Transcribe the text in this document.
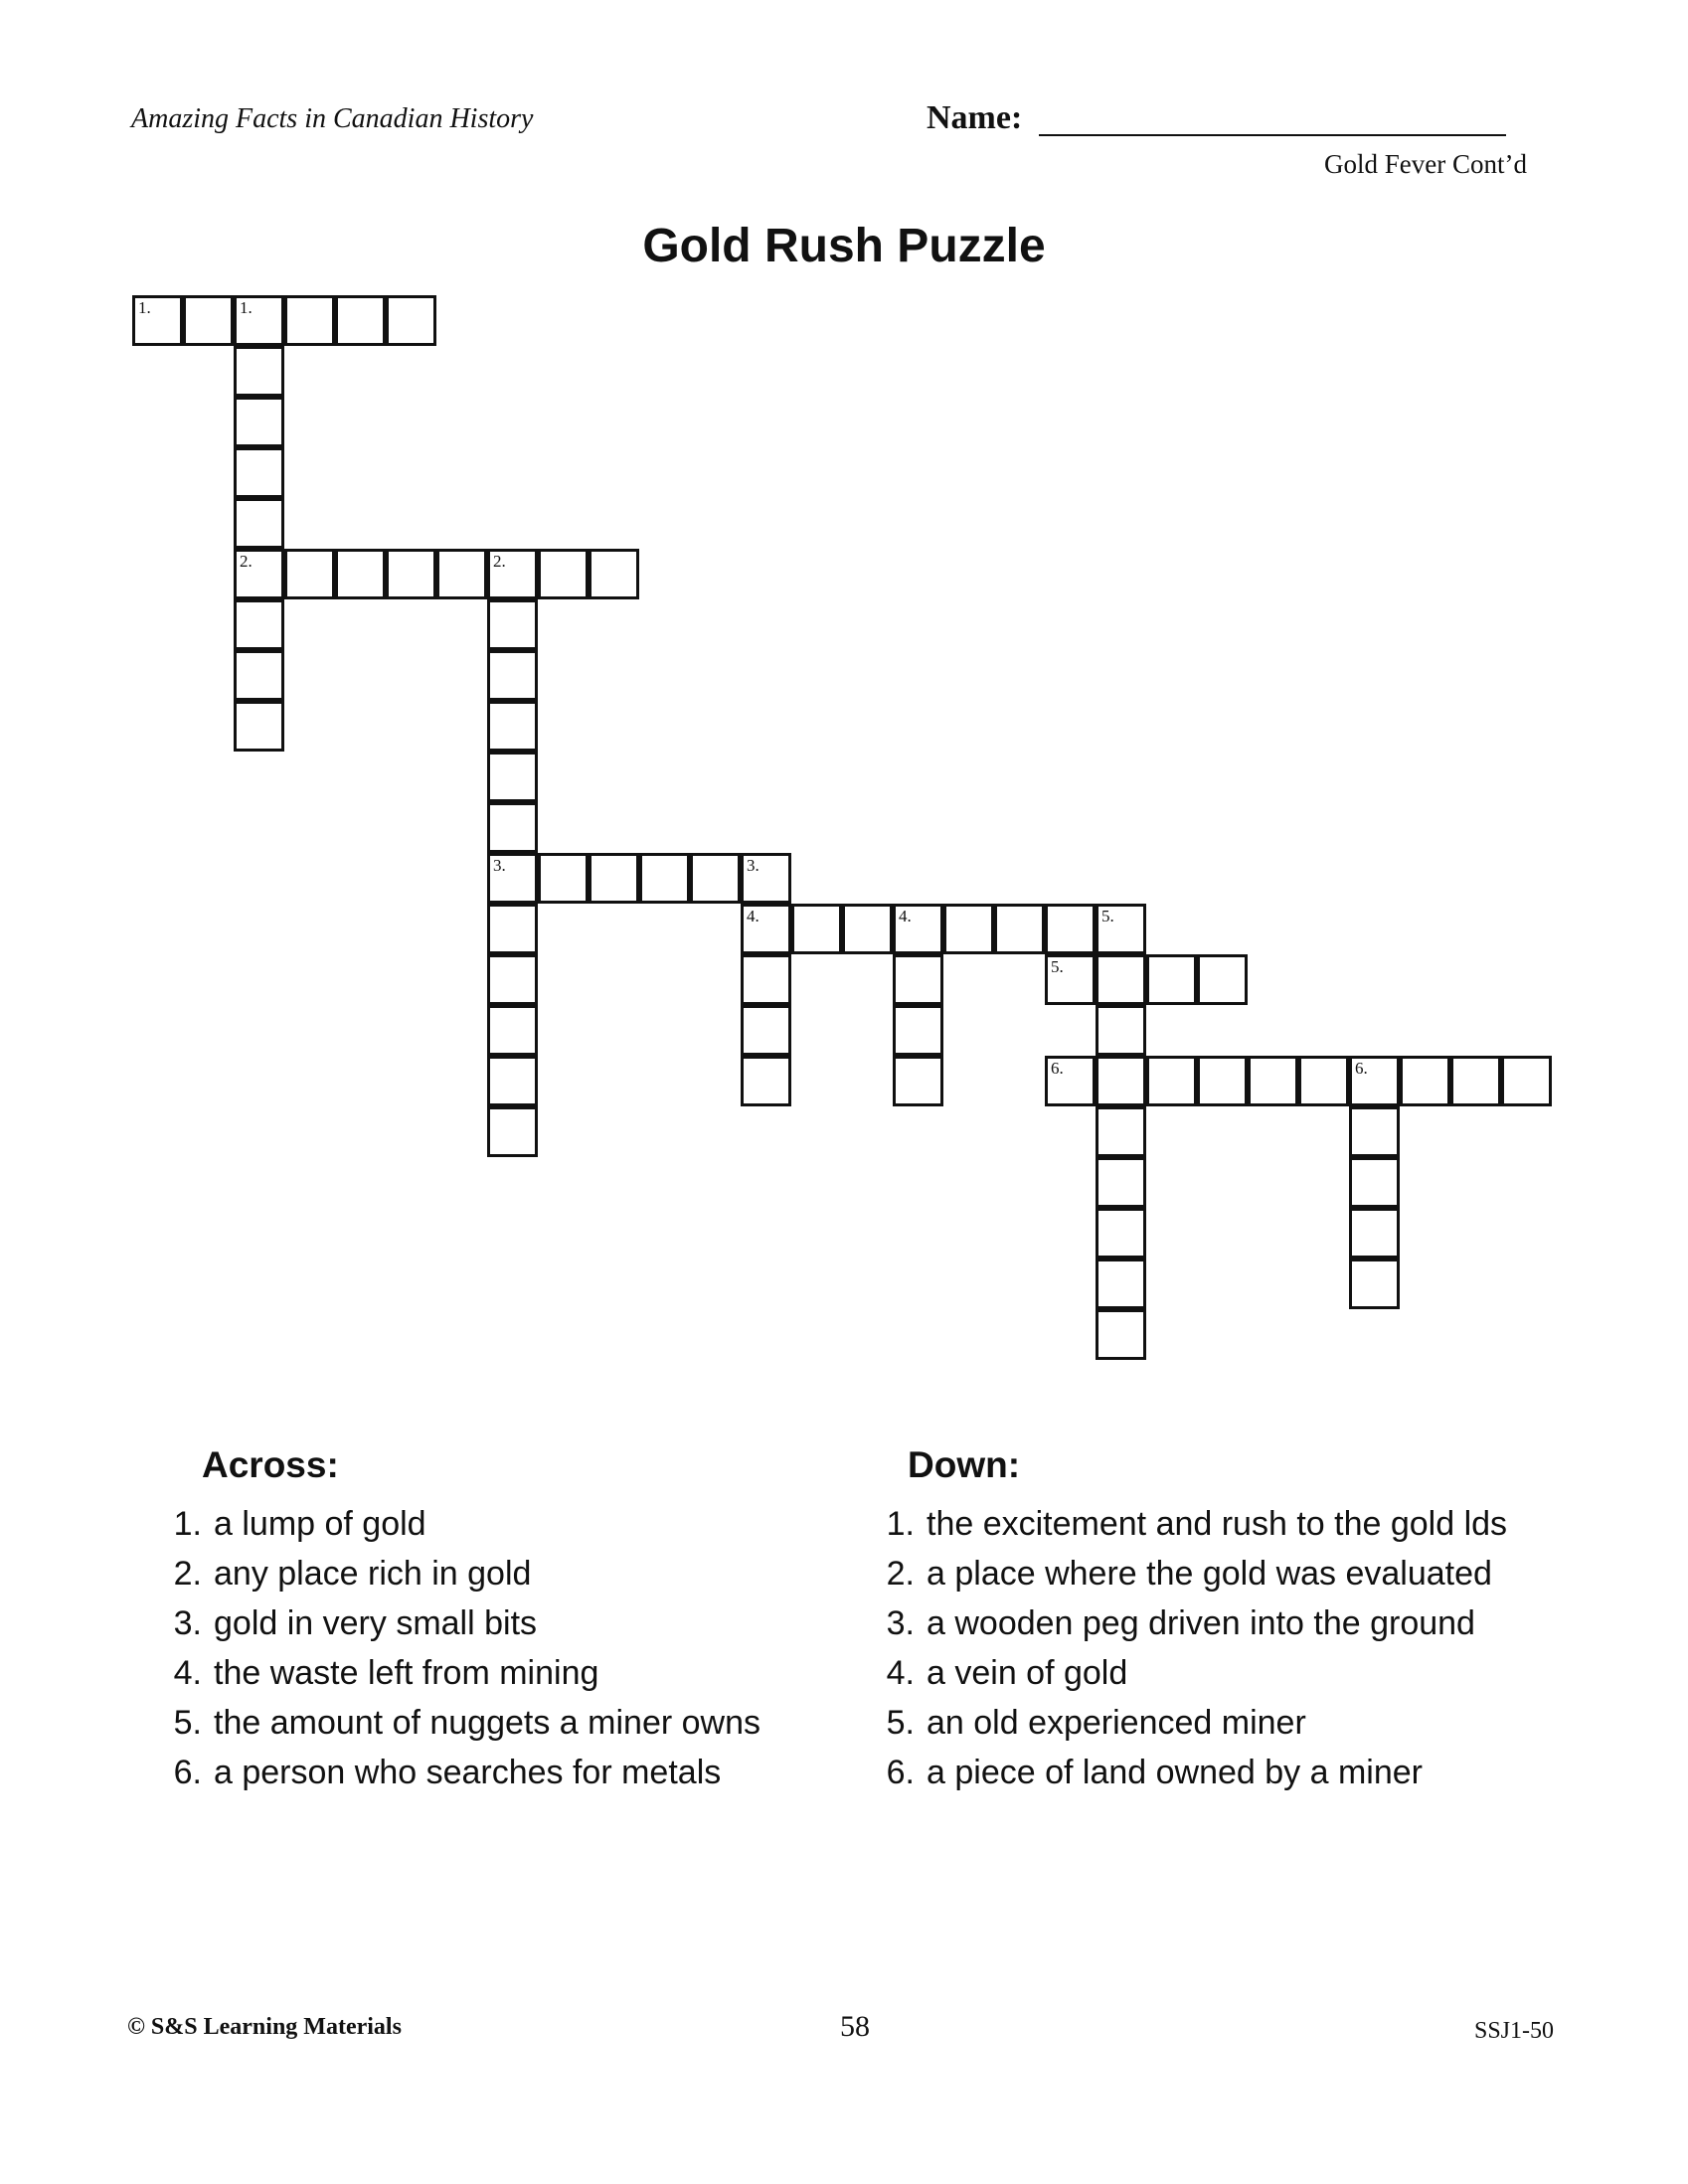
Amazing Facts in Canadian History	Name:
Gold Fever Cont’d
Gold Rush Puzzle
1.	1.
2.	2.
3.	3.
4.	4.	5.
5.
6.	6.
Across:
1. a lump of gold
2. any place rich in gold
3. gold in very small bits
4. the waste left from mining
5. the amount of nuggets a miner owns
6. a person who searches for metals
Down:
1. the excitement and rush to the gold lds
2. a place where the gold was evaluated
3. a wooden peg driven into the ground
4. a vein of gold
5. an old experienced miner
6. a piece of land owned by a miner
© S&S Learning Materials	58	SSJ1-50
